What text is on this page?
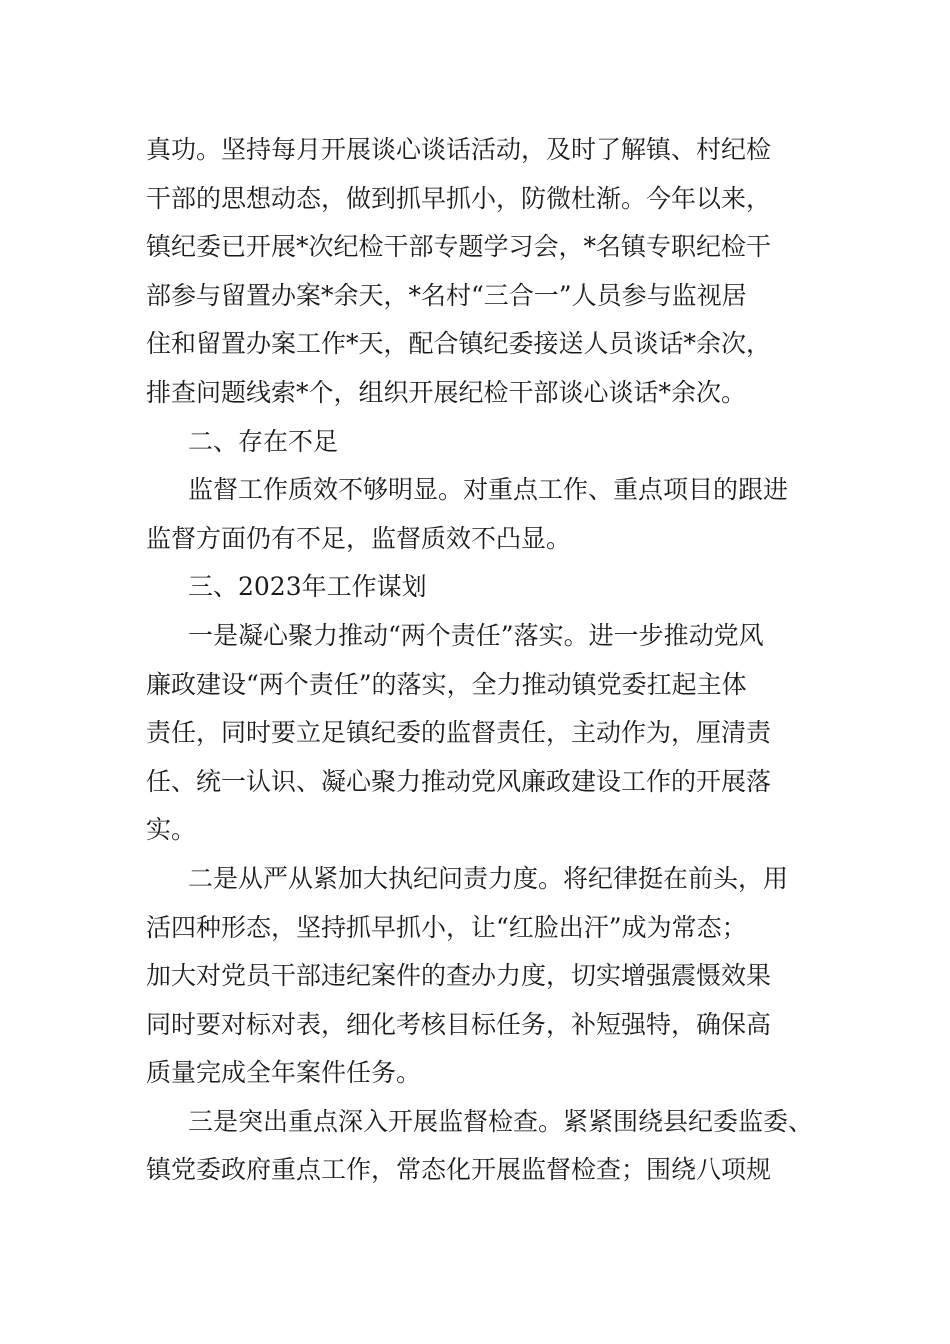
真功。坚持每月开展谈心谈话活动，及时了解镇、村纪检
干部的思想动态，做到抓早抓小，防微杜渐。今年以来，
镇纪委已开展*次纪检干部专题学习会，*名镇专职纪检干
部参与留置办案*余天，*名村“三合一”人员参与监视居
住和留置办案工作*天，配合镇纪委接送人员谈话*余次，
排查问题线索*个，组织开展纪检干部谈心谈话*余次。
二、存在不足
监督工作质效不够明显。对重点工作、重点项目的跟进
监督方面仍有不足，监督质效不凸显。
三、2023年工作谋划
一是凝心聚力推动“两个责任”落实。进一步推动党风
廉政建设“两个责任”的落实，全力推动镇党委扛起主体
责任，同时要立足镇纪委的监督责任，主动作为，厘清责
任、统一认识、凝心聚力推动党风廉政建设工作的开展落
实。
二是从严从紧加大执纪问责力度。将纪律挺在前头，用
活四种形态，坚持抓早抓小，让“红脸出汗”成为常态；
加大对党员干部违纪案件的查办力度，切实增强震慑效果
同时要对标对表，细化考核目标任务，补短强特，确保高
质量完成全年案件任务。
三是突出重点深入开展监督检查。紧紧围绕县纪委监委、
镇党委政府重点工作，常态化开展监督检查；围绕八项规
